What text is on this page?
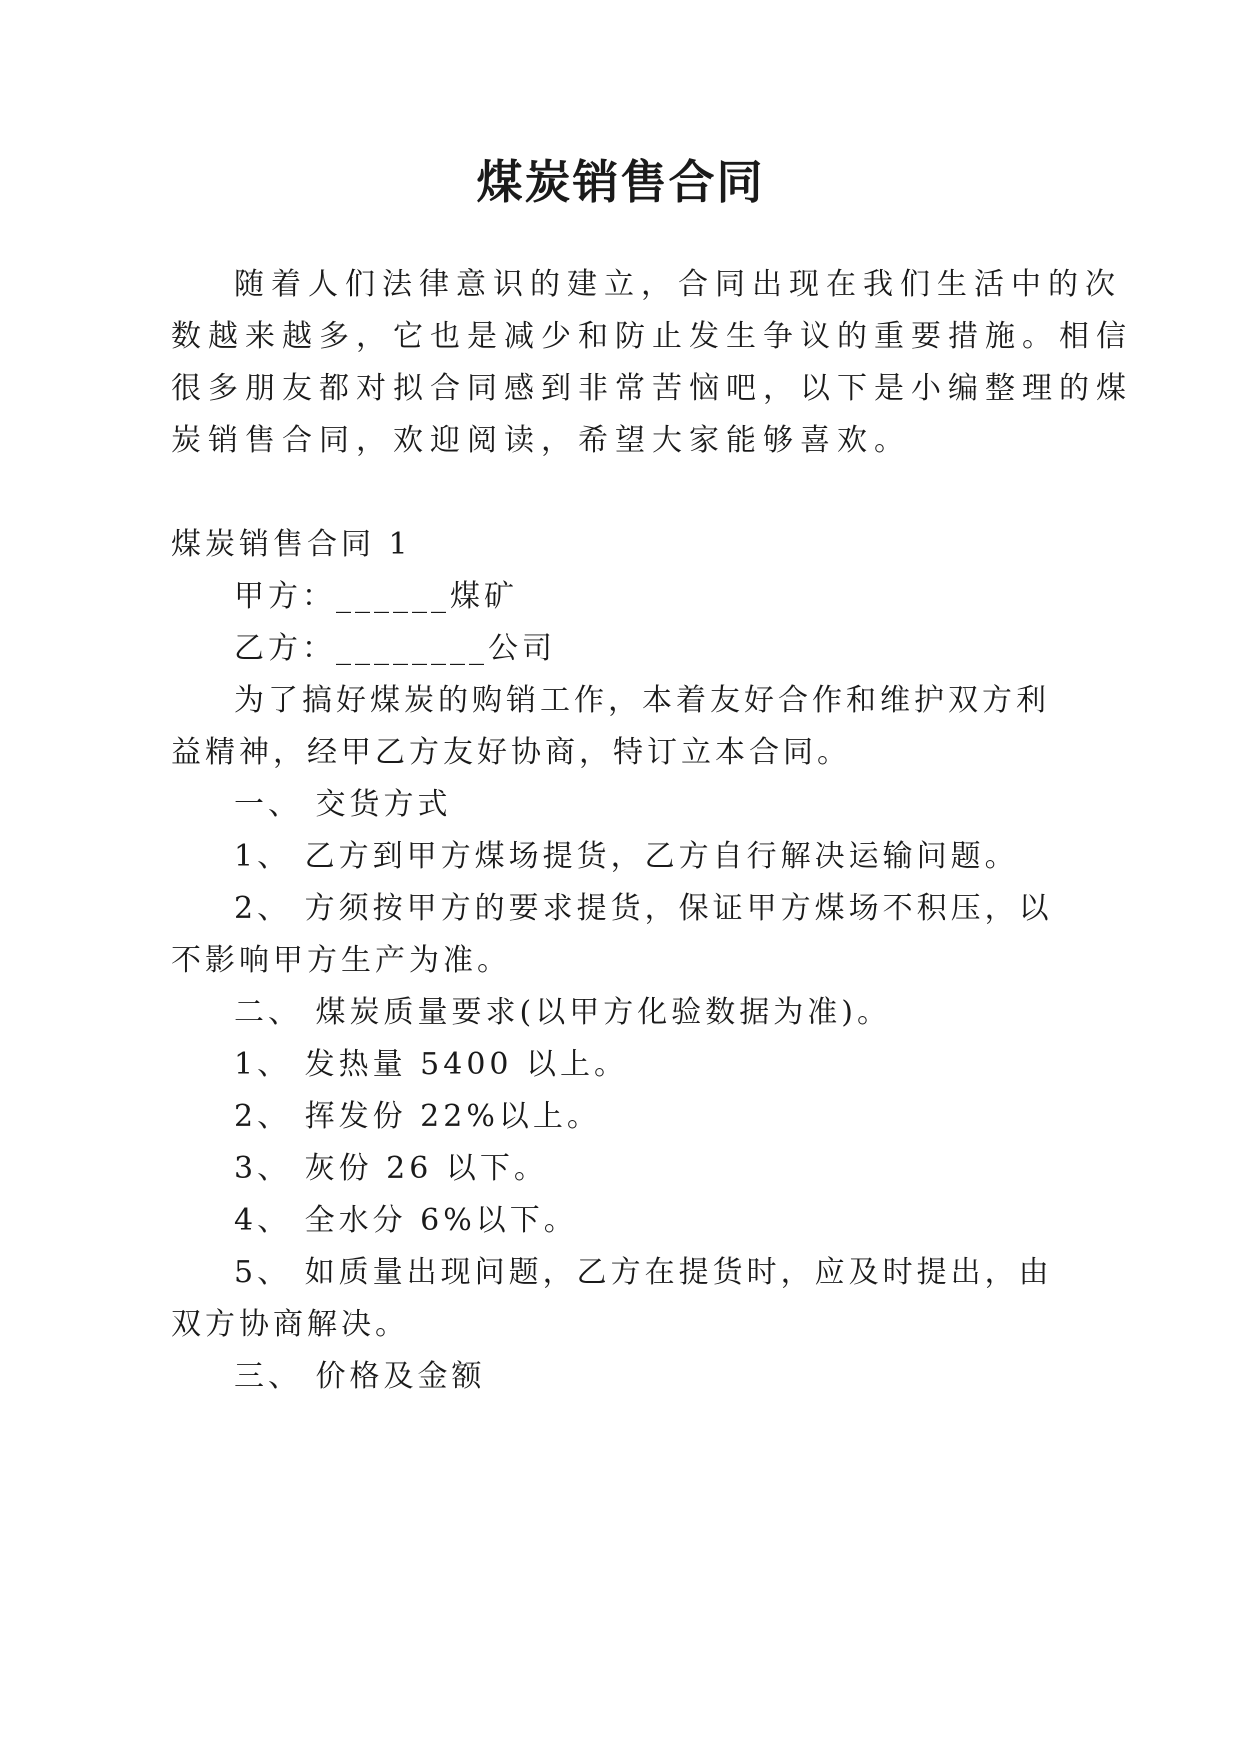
煤炭销售合同
随着人们法律意识的建立，合同出现在我们生活中的次
数越来越多，它也是减少和防止发生争议的重要措施。相信
很多朋友都对拟合同感到非常苦恼吧，以下是小编整理的煤
炭销售合同，欢迎阅读，希望大家能够喜欢。
煤炭销售合同 1
甲方：______煤矿
乙方：________公司
为了搞好煤炭的购销工作，本着友好合作和维护双方利
益精神，经甲乙方友好协商，特订立本合同。
一、 交货方式
1、 乙方到甲方煤场提货，乙方自行解决运输问题。
2、 方须按甲方的要求提货，保证甲方煤场不积压，以
不影响甲方生产为准。
二、 煤炭质量要求(以甲方化验数据为准)。
1、 发热量 5400 以上。
2、 挥发份 22%以上。
3、 灰份 26 以下。
4、 全水分 6%以下。
5、 如质量出现问题，乙方在提货时，应及时提出，由
双方协商解决。
三、 价格及金额
